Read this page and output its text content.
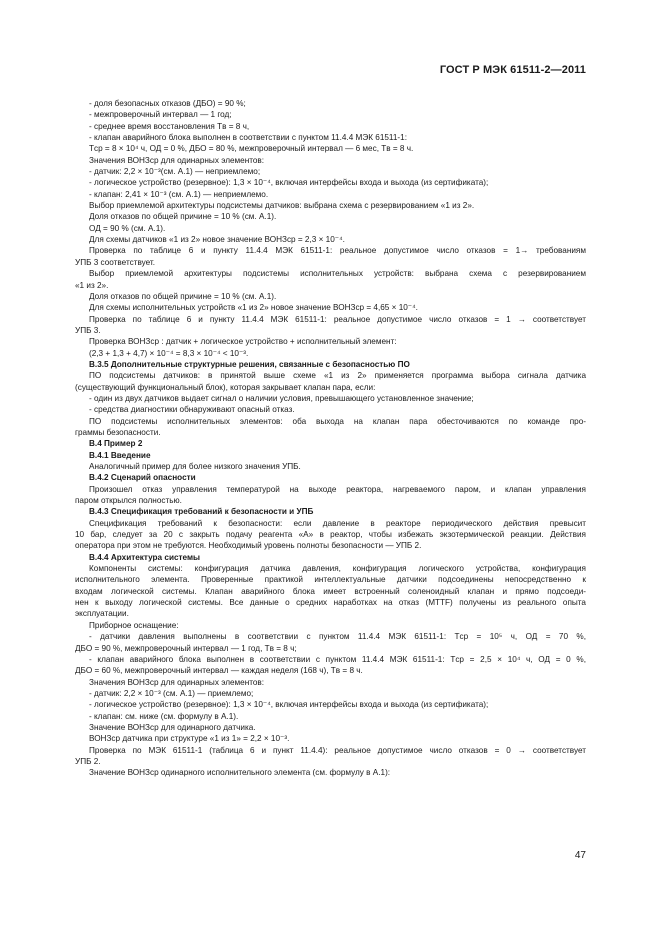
ГОСТ Р МЭК 61511-2—2011

- доля безопасных отказов (ДБО) = 90 %;

- межпроверочный интервал — 1 год;

- среднее время восстановления Tв = 8 ч,

- клапан аварийного блока выполнен в соответствии с пунктом 11.4.4 МЭК 61511-1:

Tср = 8 × 10⁴ ч, ОД = 0 %, ДБО = 80 %, межпроверочный интервал — 6 мес, Tв = 8 ч.

Значения ВОНЗср для одинарных элементов:

- датчик: 2,2 × 10⁻³(см. А.1) — неприемлемо;

- логическое устройство (резервное): 1,3 × 10⁻⁴, включая интерфейсы входа и выхода (из сертификата);

- клапан: 2,41 × 10⁻³ (см. А.1) — неприемлемо.

Выбор приемлемой архитектуры подсистемы датчиков: выбрана схема с резервированием «1 из 2».

Доля отказов по общей причине = 10 % (см. А.1).

ОД = 90 % (см. А.1).

Для схемы датчиков «1 из 2» новое значение ВОНЗср = 2,3 × 10⁻⁴.

Проверка по таблице 6 и пункту 11.4.4 МЭК 61511-1: реальное допустимое число отказов = 1→ требованиям

УПБ 3 соответствует.

Выбор приемлемой архитектуры подсистемы исполнительных устройств: выбрана схема с резервированием

«1 из 2».

Доля отказов по общей причине = 10 % (см. А.1).

Для схемы исполнительных устройств «1 из 2» новое значение ВОНЗср = 4,65 × 10⁻⁴.

Проверка по таблице 6 и пункту 11.4.4 МЭК 61511-1: реальное допустимое число отказов = 1 → соответствует

УПБ 3.

Проверка ВОНЗср : датчик + логическое устройство + исполнительный элемент:

(2,3 + 1,3 + 4,7) × 10⁻⁴ = 8,3 × 10⁻⁴ < 10⁻³.

В.3.5 Дополнительные структурные решения, связанные с безопасностью ПО

ПО подсистемы датчиков: в принятой выше схеме «1 из 2» применяется программа выбора сигнала датчика

(существующий функциональный блок), которая закрывает клапан пара, если:

- один из двух датчиков выдает сигнал о наличии условия, превышающего установленное значение;

- средства диагностики обнаруживают опасный отказ.

ПО подсистемы исполнительных элементов: оба выхода на клапан пара обесточиваются по команде про-

граммы безопасности.

В.4 Пример 2

В.4.1 Введение

Аналогичный пример для более низкого значения УПБ.

В.4.2 Сценарий опасности

Произошел отказ управления температурой на выходе реактора, нагреваемого паром, и клапан управления

паром открылся полностью.

В.4.3 Спецификация требований к безопасности и УПБ

Спецификация требований к безопасности: если давление в реакторе периодического действия превысит

10 бар, следует за 20 с закрыть подачу реагента «А» в реактор, чтобы избежать экзотермической реакции. Действия

оператора при этом не требуются. Необходимый уровень полноты безопасности — УПБ 2.

В.4.4 Архитектура системы

Компоненты системы: конфигурация датчика давления, конфигурация логического устройства, конфигурация

исполнительного элемента. Проверенные практикой интеллектуальные датчики подсоединены непосредственно к

входам логической системы. Клапан аварийного блока имеет встроенный соленоидный клапан и прямо подсоеди-

нен к выходу логической системы. Все данные о средних наработках на отказ (MTTF) получены из реального опыта

эксплуатации.

Приборное оснащение:

- датчики давления выполнены в соответствии с пунктом 11.4.4 МЭК 61511-1: Tср = 10⁵ ч, ОД = 70 %,

ДБО = 90 %, межпроверочный интервал — 1 год, Tв = 8 ч;

- клапан аварийного блока выполнен в соответствии с пунктом 11.4.4 МЭК 61511-1: Tср = 2,5 × 10⁴ ч, ОД = 0 %,

ДБО = 60 %, межпроверочный интервал — каждая неделя (168 ч), Tв = 8 ч.

Значения ВОНЗср для одинарных элементов:

- датчик: 2,2 × 10⁻³ (см. А.1) — приемлемо;

- логическое устройство (резервное): 1,3 × 10⁻⁴, включая интерфейсы входа и выхода (из сертификата);

- клапан: см. ниже (см. формулу в А.1).

Значение ВОНЗср для одинарного датчика.

ВОНЗср датчика при структуре «1 из 1» = 2,2 × 10⁻³.

Проверка по МЭК 61511-1 (таблица 6 и пункт 11.4.4): реальное допустимое число отказов = 0 → соответствует

УПБ 2.

Значение ВОНЗср одинарного исполнительного элемента (см. формулу в А.1):

47
